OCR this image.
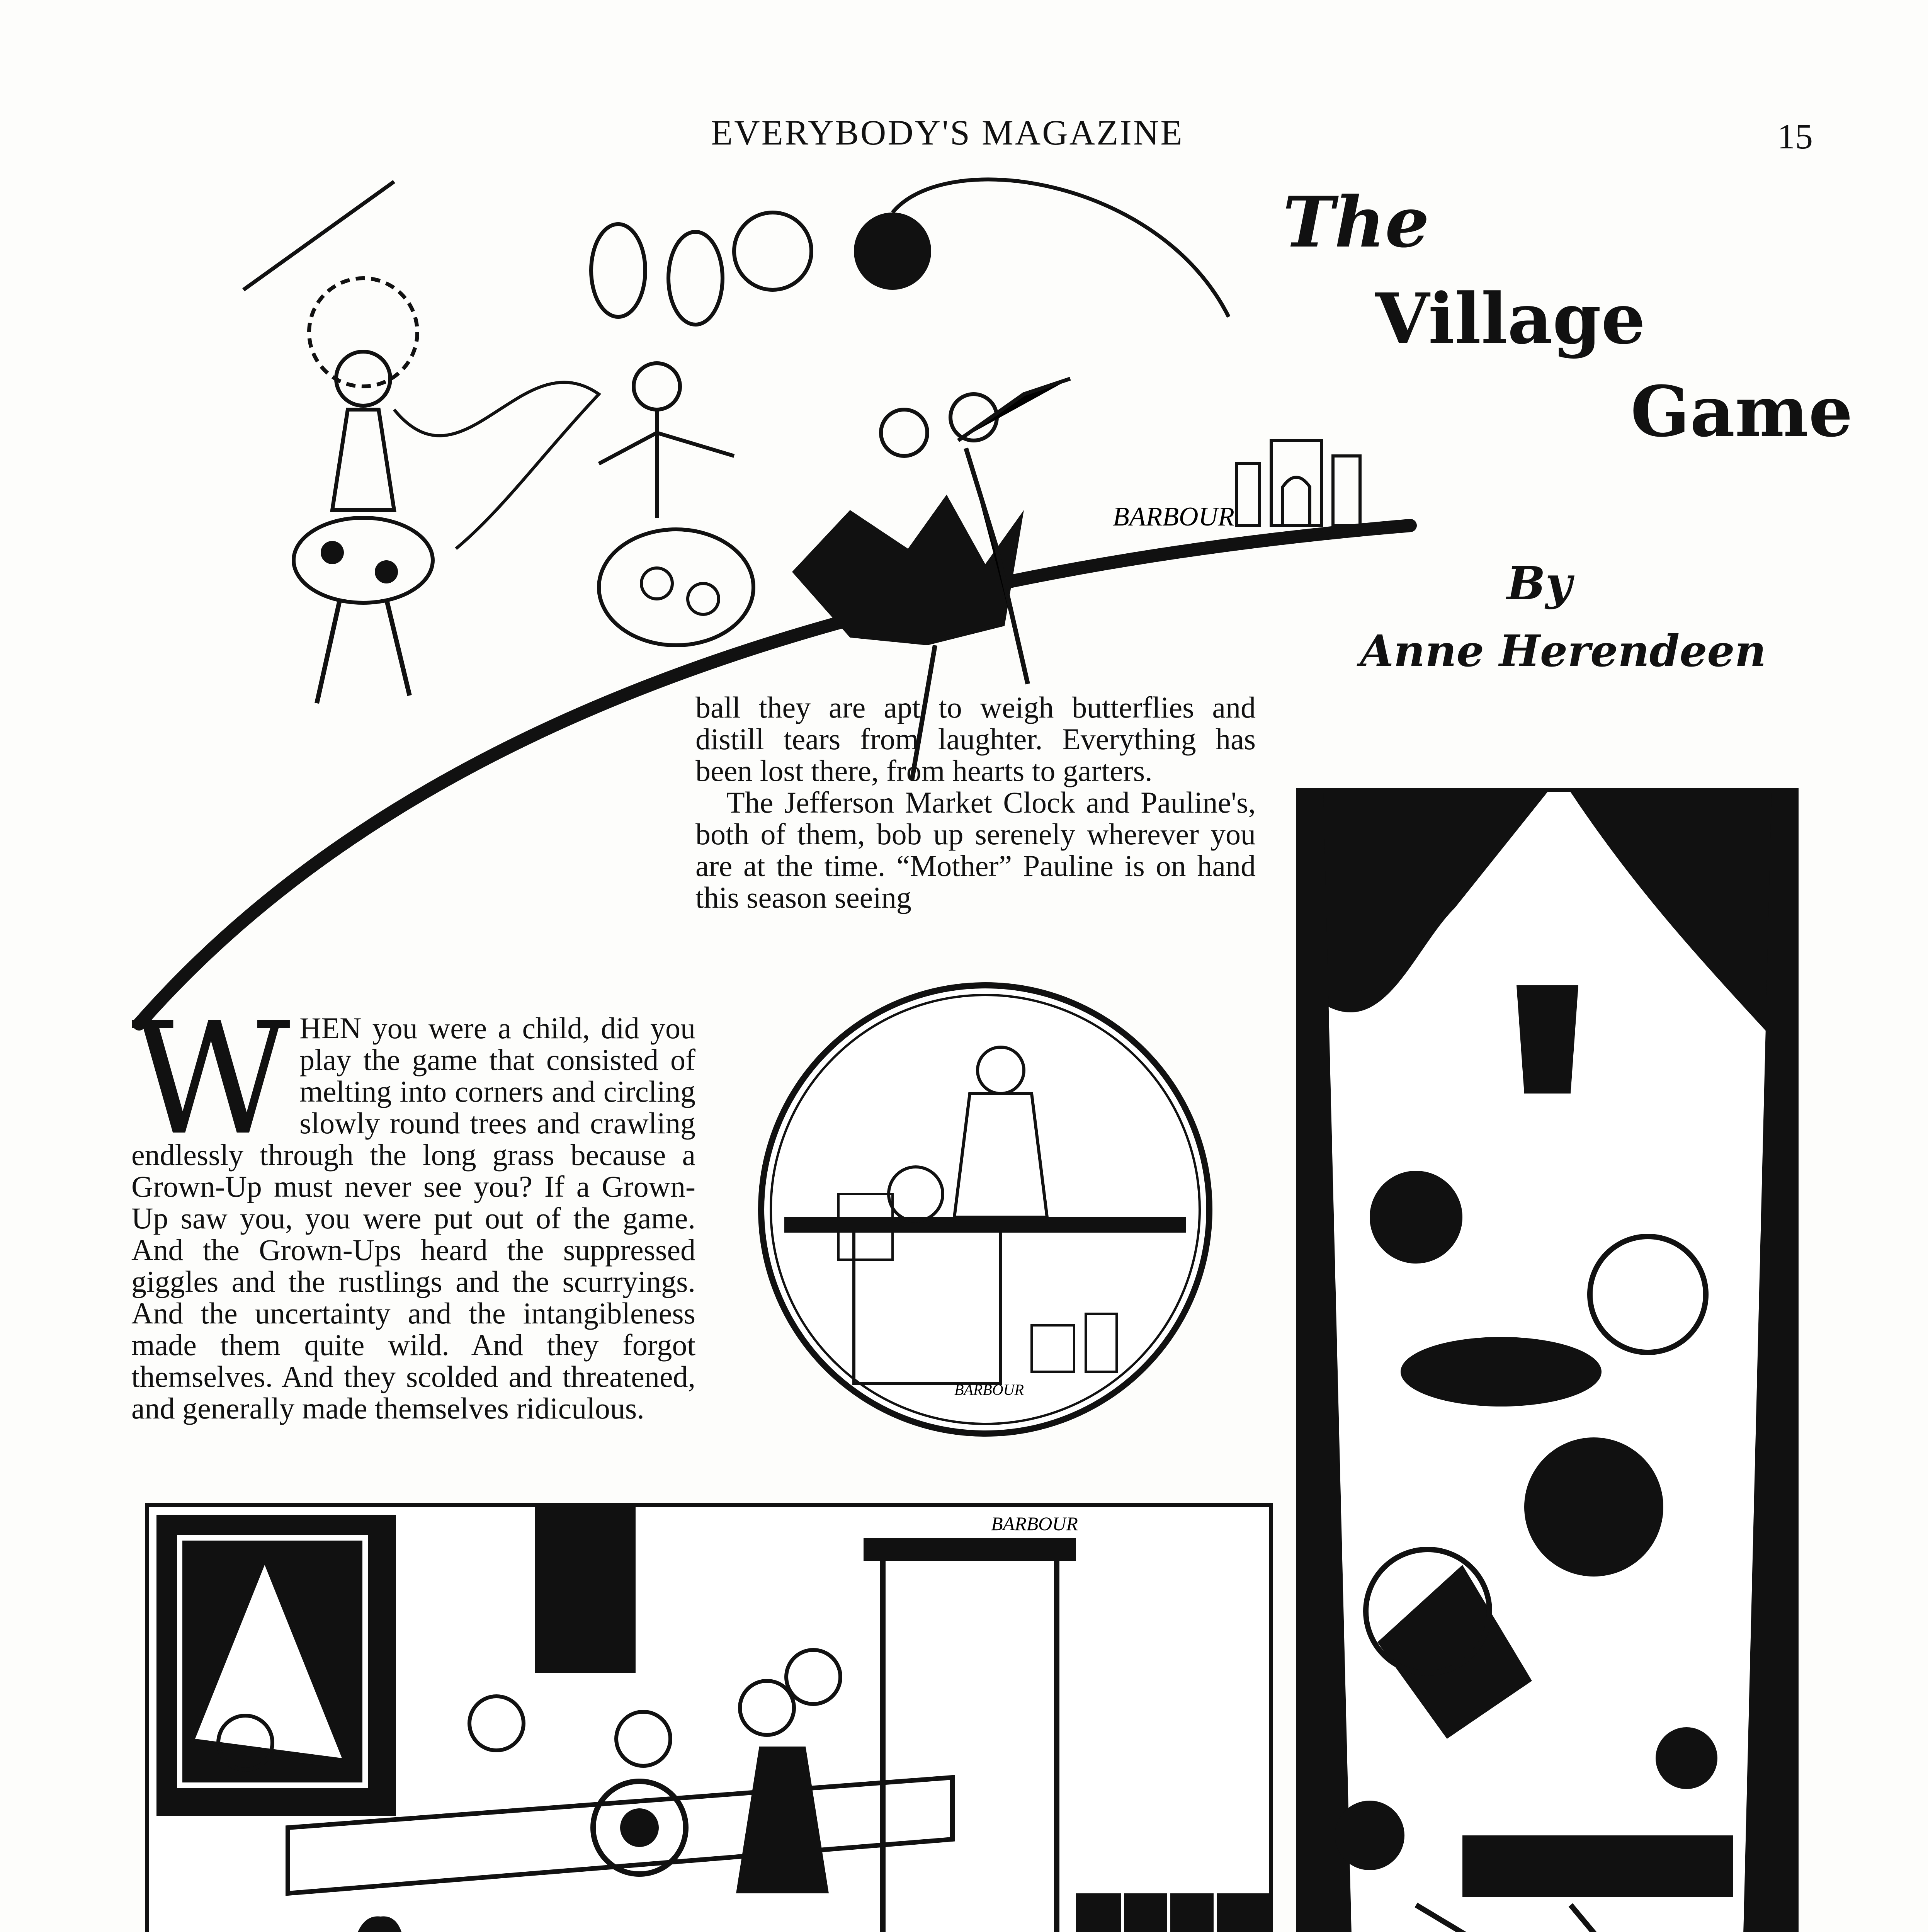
EVERYBODY'S MAGAZINE	15
The
Village
Game
By
Anne Herendeen
BARBOUR

ball they are apt to weigh butterflies and distill tears from laughter. Everything has been lost there, from hearts to garters.

The Jefferson Market Clock and Pauline's, both of them, bob up serenely wherever you are at the time. “Mother” Pauline is on hand this season seeing

WHEN you were a child, did you play the game that consisted of melting into corners and circling slowly round trees and crawling endlessly through the long grass because a Grown-Up must never see you? If a Grown-Up saw you, you were put out of the game. And the Grown-Ups heard the suppressed giggles and the rustlings and the scurryings. And the uncertainty and the intangibleness made them quite wild. And they forgot themselves. And they scolded and threatened, and generally made themselves ridiculous.
BARBOUR
BARBOUR
